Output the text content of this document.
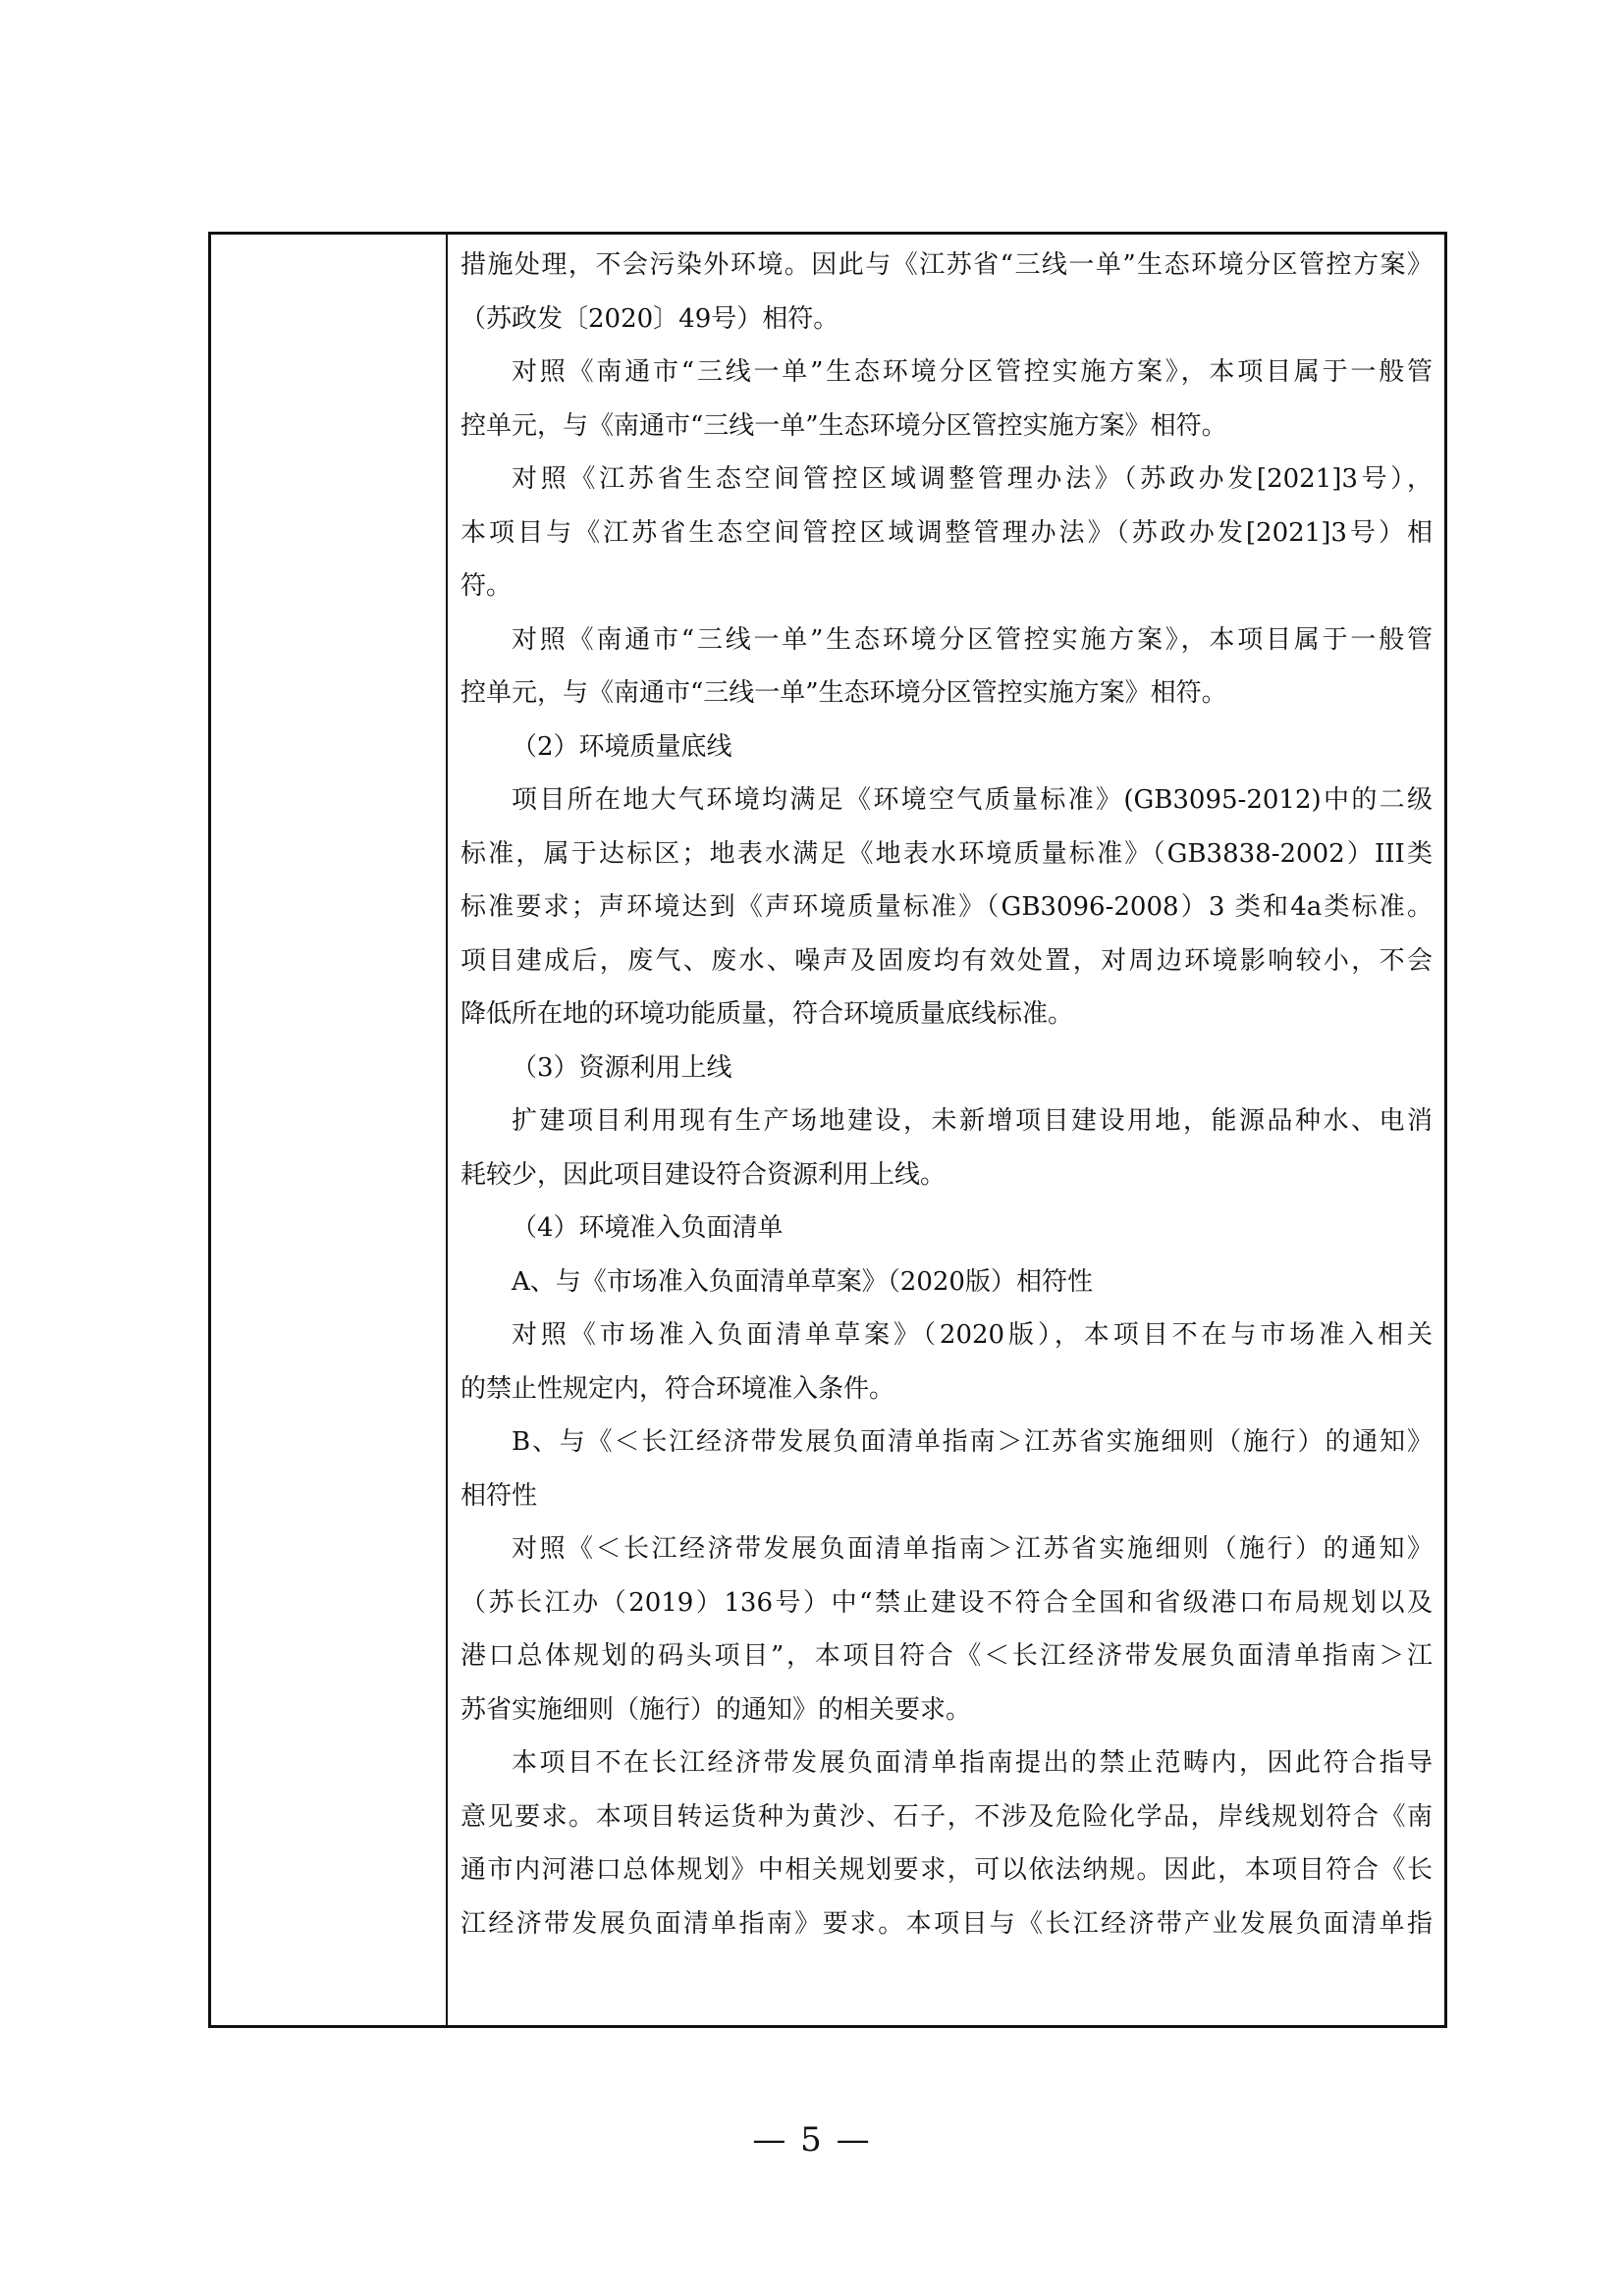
措施处理，不会污染外环境。因此与《江苏省“三线一单”生态环境分区管控方案》
（苏政发〔2020〕49号）相符。
对照《南通市“三线一单”生态环境分区管控实施方案》，本项目属于一般管
控单元，与《南通市“三线一单”生态环境分区管控实施方案》相符。
对照《江苏省生态空间管控区域调整管理办法》（苏政办发[2021]3号），
本项目与《江苏省生态空间管控区域调整管理办法》（苏政办发[2021]3号）相
符。
对照《南通市“三线一单”生态环境分区管控实施方案》，本项目属于一般管
控单元，与《南通市“三线一单”生态环境分区管控实施方案》相符。
（2）环境质量底线
项目所在地大气环境均满足《环境空气质量标准》(GB3095-2012)中的二级
标准，属于达标区；地表水满足《地表水环境质量标准》（GB3838-2002）III类
标准要求；声环境达到《声环境质量标准》（GB3096-2008）3 类和4a类标准。
项目建成后，废气、废水、噪声及固废均有效处置，对周边环境影响较小，不会
降低所在地的环境功能质量，符合环境质量底线标准。
（3）资源利用上线
扩建项目利用现有生产场地建设，未新增项目建设用地，能源品种水、电消
耗较少，因此项目建设符合资源利用上线。
（4）环境准入负面清单
A、与《市场准入负面清单草案》（2020版）相符性
对照《市场准入负面清单草案》（2020版），本项目不在与市场准入相关
的禁止性规定内，符合环境准入条件。
B、与《＜长江经济带发展负面清单指南＞江苏省实施细则（施行）的通知》
相符性
对照《＜长江经济带发展负面清单指南＞江苏省实施细则（施行）的通知》
（苏长江办（2019）136号）中“禁止建设不符合全国和省级港口布局规划以及
港口总体规划的码头项目”，本项目符合《＜长江经济带发展负面清单指南＞江
苏省实施细则（施行）的通知》的相关要求。
本项目不在长江经济带发展负面清单指南提出的禁止范畴内，因此符合指导
意见要求。本项目转运货种为黄沙、石子，不涉及危险化学品，岸线规划符合《南
通市内河港口总体规划》中相关规划要求，可以依法纳规。因此，本项目符合《长
江经济带发展负面清单指南》要求。本项目与《长江经济带产业发展负面清单指
— 5 —
